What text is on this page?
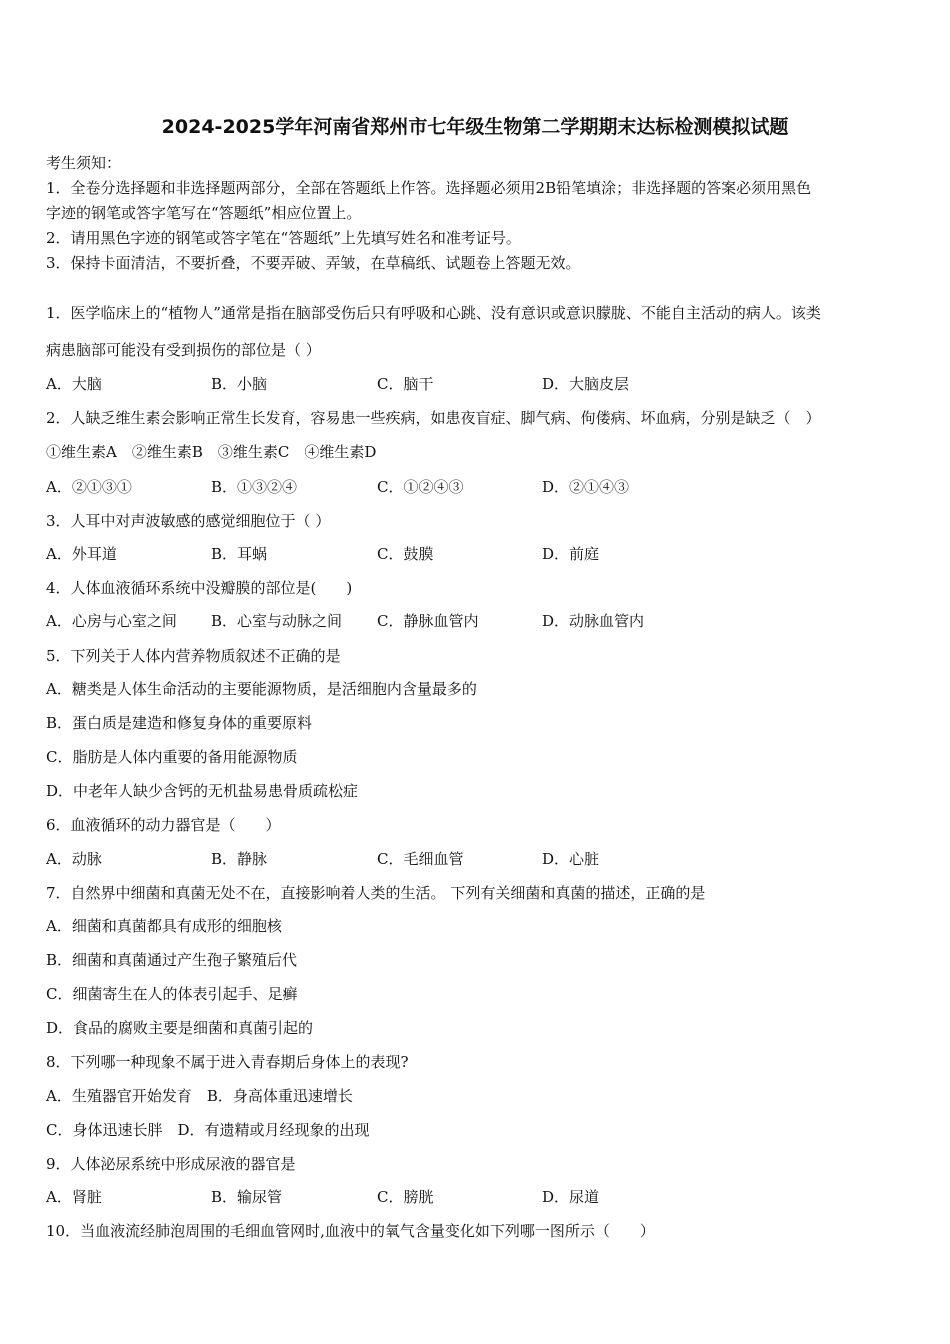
2024-2025学年河南省郑州市七年级生物第二学期期末达标检测模拟试题
考生须知：
1．全卷分选择题和非选择题两部分，全部在答题纸上作答。选择题必须用2B铅笔填涂；非选择题的答案必须用黑色
字迹的钢笔或答字笔写在“答题纸”相应位置上。
2．请用黑色字迹的钢笔或答字笔在“答题纸”上先填写姓名和准考证号。
3．保持卡面清洁，不要折叠，不要弄破、弄皱，在草稿纸、试题卷上答题无效。
1．医学临床上的“植物人”通常是指在脑部受伤后只有呼吸和心跳、没有意识或意识朦胧、不能自主活动的病人。该类
病患脑部可能没有受到损伤的部位是（ ）
A．大脑	B．小脑	C．脑干	D．大脑皮层
2．人缺乏维生素会影响正常生长发育，容易患一些疾病，如患夜盲症、脚气病、佝偻病、坏血病，分别是缺乏（　）
①维生素A　②维生素B　③维生素C　④维生素D
A．②①③①	B．①③②④	C．①②④③	D．②①④③
3．人耳中对声波敏感的感觉细胞位于（ ）
A．外耳道	B．耳蜗	C．鼓膜	D．前庭
4．人体血液循环系统中没瓣膜的部位是(　　)
A．心房与心室之间 B．心室与动脉之间 C．静脉血管内	D．动脉血管内
5．下列关于人体内营养物质叙述不正确的是
A．糖类是人体生命活动的主要能源物质，是活细胞内含量最多的
B．蛋白质是建造和修复身体的重要原料
C．脂肪是人体内重要的备用能源物质
D．中老年人缺少含钙的无机盐易患骨质疏松症
6．血液循环的动力器官是（　　）
A．动脉	B．静脉	C．毛细血管	D．心脏
7．自然界中细菌和真菌无处不在，直接影响着人类的生活。 下列有关细菌和真菌的描述，正确的是
A．细菌和真菌都具有成形的细胞核
B．细菌和真菌通过产生孢子繁殖后代
C．细菌寄生在人的体表引起手、足癣
D．食品的腐败主要是细菌和真菌引起的
8．下列哪一种现象不属于进入青春期后身体上的表现?
A．生殖器官开始发育　B．身高体重迅速增长
C．身体迅速长胖　D．有遗精或月经现象的出现
9．人体泌尿系统中形成尿液的器官是
A．肾脏	B．输尿管	C．膀胱	D．尿道
10．当血液流经肺泡周围的毛细血管网时,血液中的氧气含量变化如下列哪一图所示（　　）
